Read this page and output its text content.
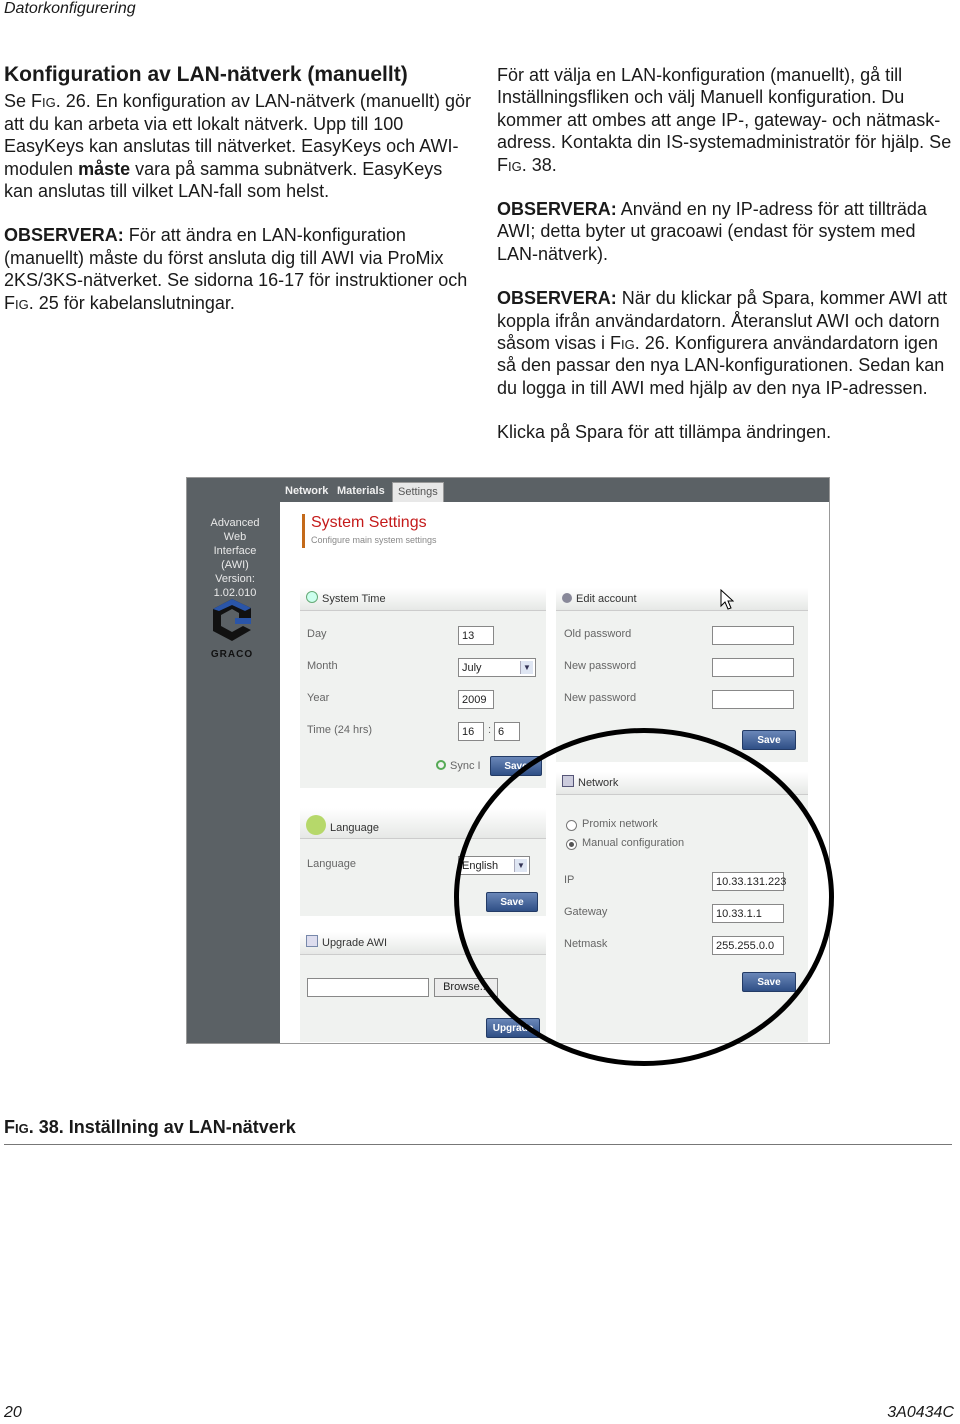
Datorkonfigurering
Konfiguration av LAN-nätverk (manuellt)

Se Fig. 26. En konfiguration av LAN-nätverk (manuellt) gör att du kan arbeta via ett lokalt nätverk. Upp till 100 EasyKeys kan anslutas till nätverket. EasyKeys och AWI-modulen måste vara på samma subnätverk. EasyKeys kan anslutas till vilket LAN-fall som helst.

OBSERVERA: För att ändra en LAN-konfiguration (manuellt) måste du först ansluta dig till AWI via ProMix 2KS/3KS-nätverket. Se sidorna 16-17 för instruktioner och Fig. 25 för kabelanslutningar.

För att välja en LAN-konfiguration (manuellt), gå till Inställningsfliken och välj Manuell konfiguration. Du kommer att ombes att ange IP-, gateway- och nätmask-adress. Kontakta din IS-systemadministratör för hjälp. Se Fig. 38.

OBSERVERA: Använd en ny IP-adress för att tillträda AWI; detta byter ut gracoawi (endast för system med LAN-nätverk).

OBSERVERA: När du klickar på Spara, kommer AWI att koppla ifrån användardatorn. Återanslut AWI och datorn såsom visas i Fig. 26. Konfigurera användardatorn igen så den passar den nya LAN-konfigurationen. Sedan kan du logga in till AWI med hjälp av den nya IP-adressen.

Klicka på Spara för att tillämpa ändringen.

Network Materials	Settings
Advanced Web
Interface (AWI)
Version:
1.02.010
GRACO
System Settings
Configure main system settings
System Time
Day	13
Month	July	▼
Year	2009
Time (24 hrs)	16	: 6
Sync I	Save
Language
Language	English	▼
Save
Upgrade AWI
Browse...
Upgrade
Edit account
Old password
New password
New password
Save
Network
Promix network
Manual configuration
IP	10.33.131.223
Gateway	10.33.1.1
Netmask	255.255.0.0
Save
Fig. 38. Inställning av LAN-nätverk
20	3A0434C
